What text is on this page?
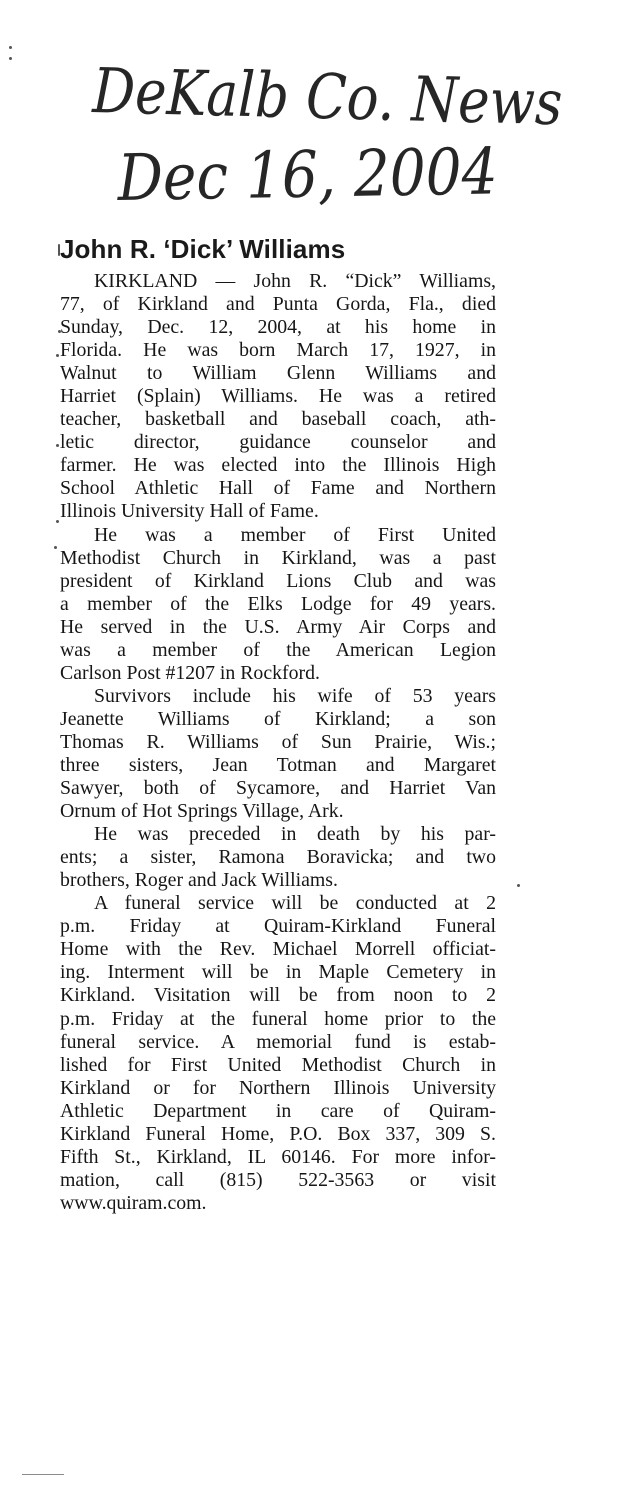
DeKalb Co. News
Dec 16, 2004
John R. ‘Dick’ Williams
KIRKLAND — John R. “Dick” Williams,
77, of Kirkland and Punta Gorda, Fla., died
Sunday, Dec. 12, 2004, at his home in
Florida. He was born March 17, 1927, in
Walnut to William Glenn Williams and
Harriet (Splain) Williams. He was a retired
teacher, basketball and baseball coach, ath-
letic director, guidance counselor and
farmer. He was elected into the Illinois High
School Athletic Hall of Fame and Northern
Illinois University Hall of Fame.
He was a member of First United
Methodist Church in Kirkland, was a past
president of Kirkland Lions Club and was
a member of the Elks Lodge for 49 years.
He served in the U.S. Army Air Corps and
was a member of the American Legion
Carlson Post #1207 in Rockford.
Survivors include his wife of 53 years
Jeanette Williams of Kirkland; a son
Thomas R. Williams of Sun Prairie, Wis.;
three sisters, Jean Totman and Margaret
Sawyer, both of Sycamore, and Harriet Van
Ornum of Hot Springs Village, Ark.
He was preceded in death by his par-
ents; a sister, Ramona Boravicka; and two
brothers, Roger and Jack Williams.
A funeral service will be conducted at 2
p.m. Friday at Quiram-Kirkland Funeral
Home with the Rev. Michael Morrell officiat-
ing. Interment will be in Maple Cemetery in
Kirkland. Visitation will be from noon to 2
p.m. Friday at the funeral home prior to the
funeral service. A memorial fund is estab-
lished for First United Methodist Church in
Kirkland or for Northern Illinois University
Athletic Department in care of Quiram-
Kirkland Funeral Home, P.O. Box 337, 309 S.
Fifth St., Kirkland, IL 60146. For more infor-
mation, call (815) 522-3563 or visit
www.quiram.com.
